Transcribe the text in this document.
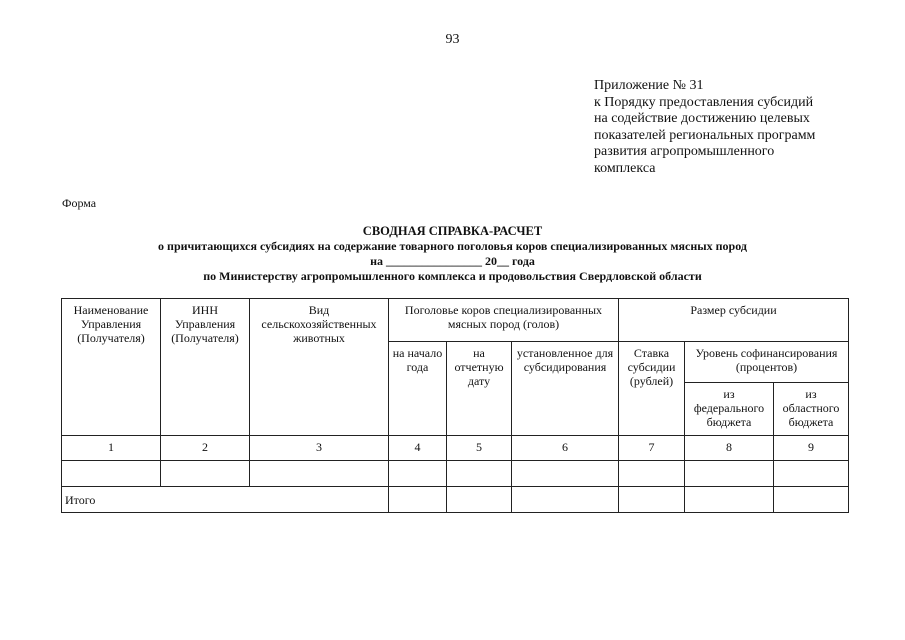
93
Приложение № 31
к Порядку предоставления субсидий
на содействие достижению целевых
показателей региональных программ
развития агропромышленного
комплекса
Форма
СВОДНАЯ СПРАВКА-РАСЧЕТ
о причитающихся субсидиях на содержание товарного поголовья коров специализированных мясных пород
на ________________ 20__ года
по Министерству агропромышленного комплекса и продовольствия Свердловской области
Наименование Управления (Получателя)	ИНН Управления (Получателя)	Вид сельскохозяйственных животных	Поголовье коров специализированных мясных пород (голов)			Размер субсидии		
			на начало года	на отчетную дату	установленное для субсидирования	Ставка субсидии (рублей)	Уровень софинансирования (процентов)	
							из федерального бюджета	из областного бюджета
1	2	3	4	5	6	7	8	9

Итого								
